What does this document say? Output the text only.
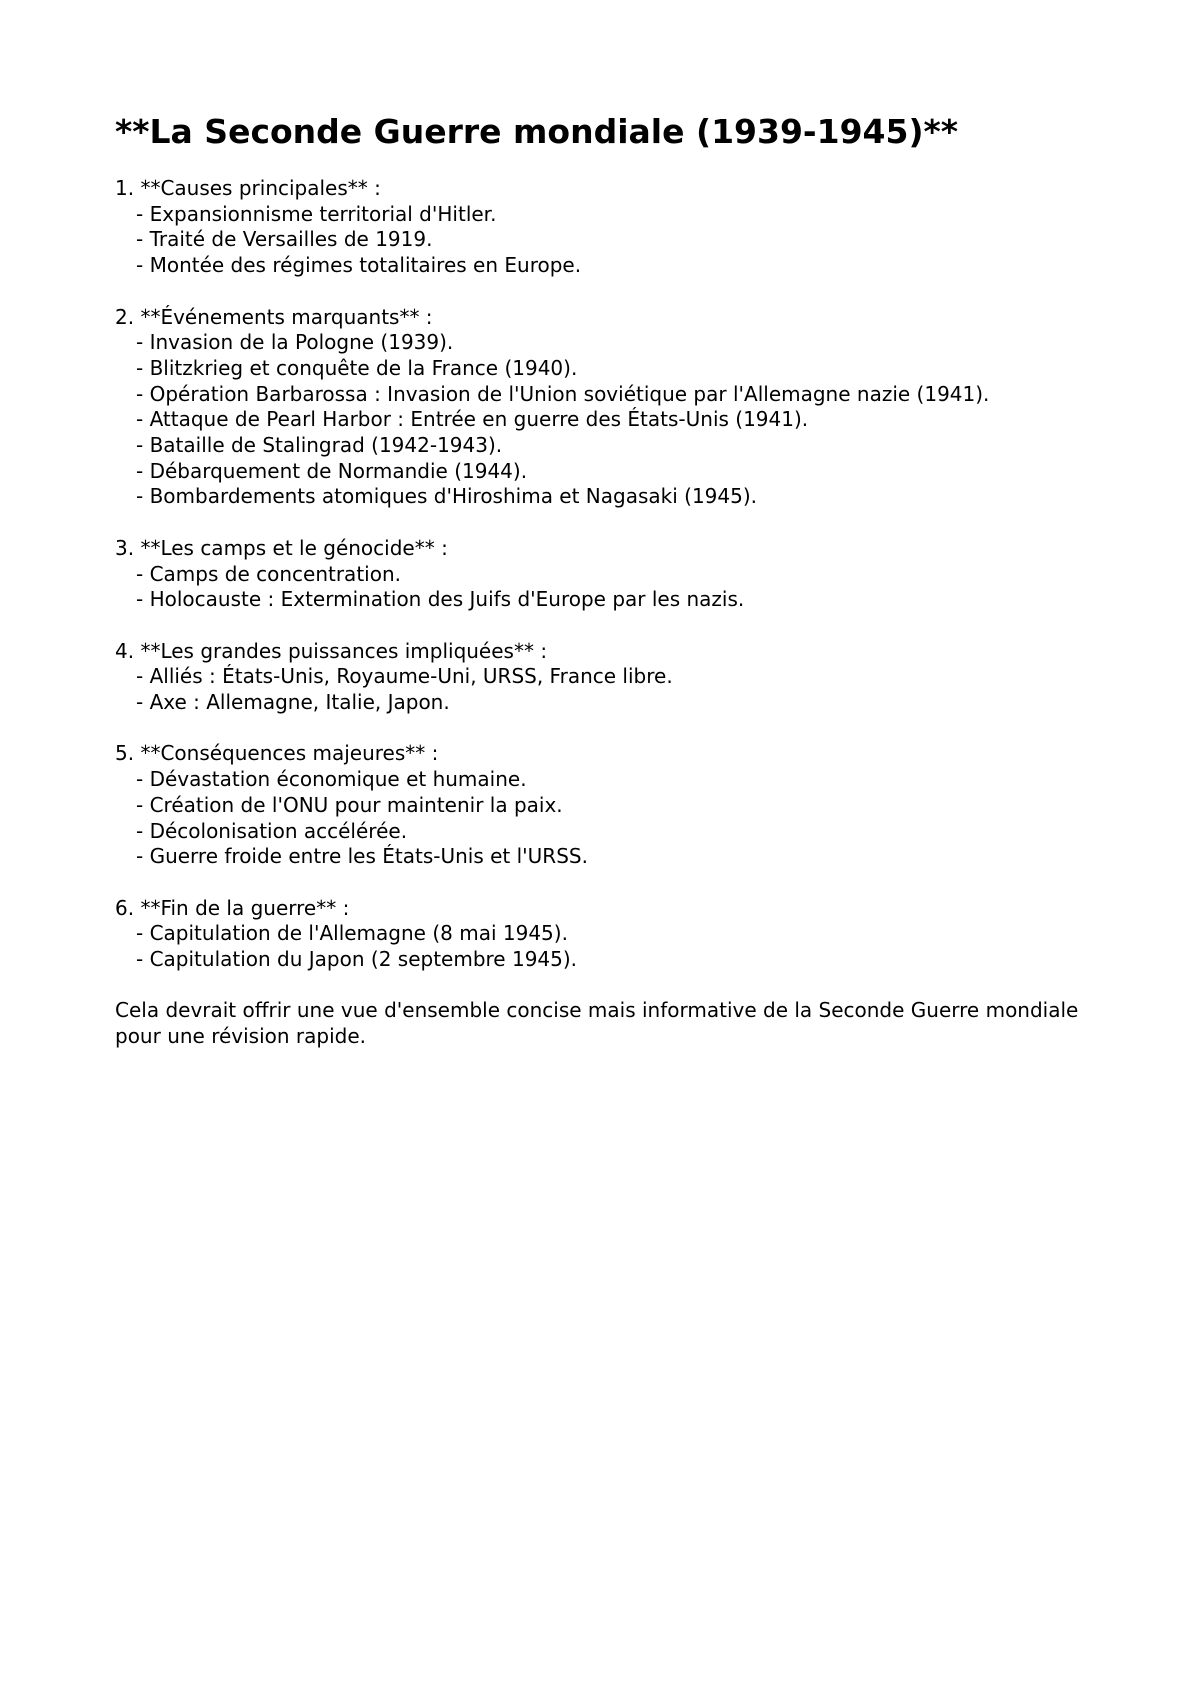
**La Seconde Guerre mondiale (1939-1945)**

1. **Causes principales** :

- Expansionnisme territorial d'Hitler.

- Traité de Versailles de 1919.

- Montée des régimes totalitaires en Europe.

2. **Événements marquants** :

- Invasion de la Pologne (1939).

- Blitzkrieg et conquête de la France (1940).

- Opération Barbarossa : Invasion de l'Union soviétique par l'Allemagne nazie (1941).

- Attaque de Pearl Harbor : Entrée en guerre des États-Unis (1941).

- Bataille de Stalingrad (1942-1943).

- Débarquement de Normandie (1944).

- Bombardements atomiques d'Hiroshima et Nagasaki (1945).

3. **Les camps et le génocide** :

- Camps de concentration.

- Holocauste : Extermination des Juifs d'Europe par les nazis.

4. **Les grandes puissances impliquées** :

- Alliés : États-Unis, Royaume-Uni, URSS, France libre.

- Axe : Allemagne, Italie, Japon.

5. **Conséquences majeures** :

- Dévastation économique et humaine.

- Création de l'ONU pour maintenir la paix.

- Décolonisation accélérée.

- Guerre froide entre les États-Unis et l'URSS.

6. **Fin de la guerre** :

- Capitulation de l'Allemagne (8 mai 1945).

- Capitulation du Japon (2 septembre 1945).

Cela devrait offrir une vue d'ensemble concise mais informative de la Seconde Guerre mondiale pour une révision rapide.
